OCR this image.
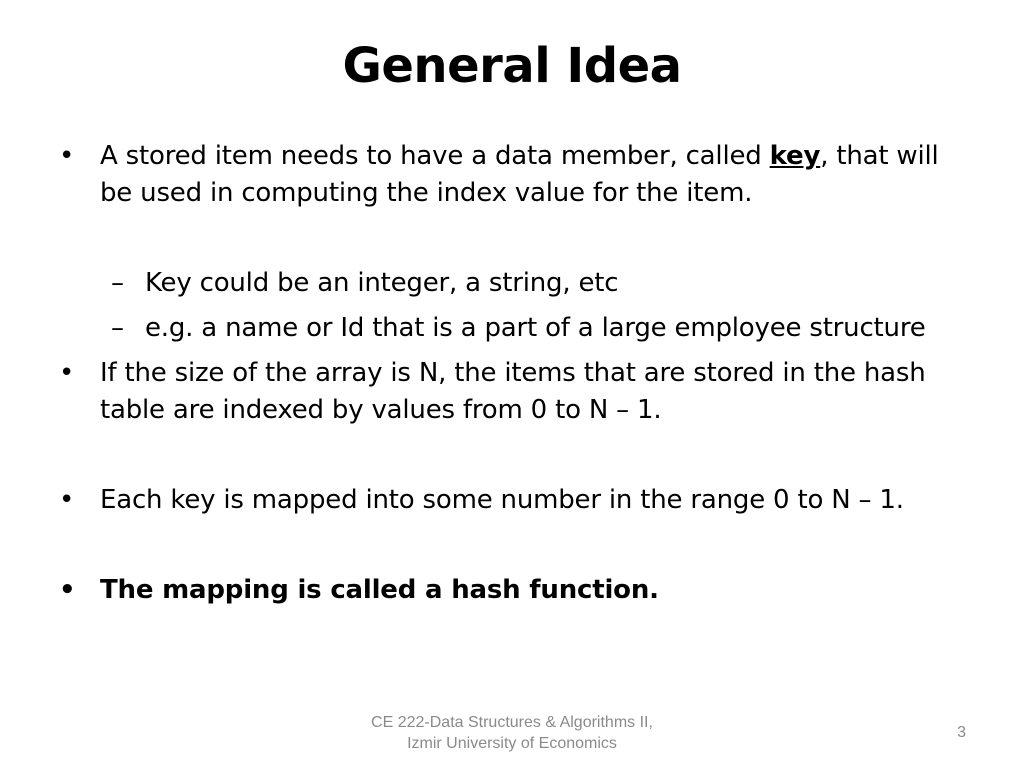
General Idea
• A stored item needs to have a data member, called key, that will be used in computing the index value for the item.
– Key could be an integer, a string, etc
– e.g. a name or Id that is a part of a large employee structure
• If the size of the array is N, the items that are stored in the hash table are indexed by values from 0 to N – 1.
• Each key is mapped into some number in the range 0 to N – 1.
• The mapping is called a hash function.
CE 222-Data Structures & Algorithms II,
Izmir University of Economics
3
